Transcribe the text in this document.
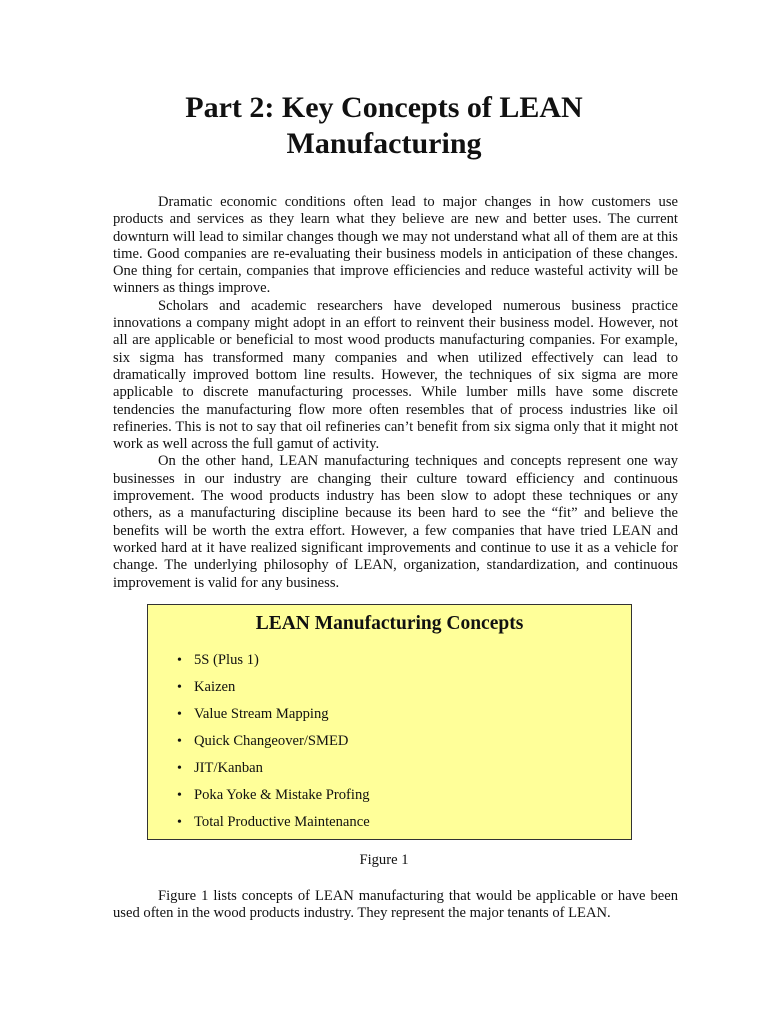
Part 2: Key Concepts of LEAN
Manufacturing

Dramatic economic conditions often lead to major changes in how customers use products and services as they learn what they believe are new and better uses. The current downturn will lead to similar changes though we may not understand what all of them are at this time. Good companies are re-evaluating their business models in anticipation of these changes. One thing for certain, companies that improve efficiencies and reduce wasteful activity will be winners as things improve.

Scholars and academic researchers have developed numerous business practice innovations a company might adopt in an effort to reinvent their business model. However, not all are applicable or beneficial to most wood products manufacturing companies. For example, six sigma has transformed many companies and when utilized effectively can lead to dramatically improved bottom line results. However, the techniques of six sigma are more applicable to discrete manufacturing processes. While lumber mills have some discrete tendencies the manufacturing flow more often resembles that of process industries like oil refineries. This is not to say that oil refineries can’t benefit from six sigma only that it might not work as well across the full gamut of activity.

On the other hand, LEAN manufacturing techniques and concepts represent one way businesses in our industry are changing their culture toward efficiency and continuous improvement. The wood products industry has been slow to adopt these techniques or any others, as a manufacturing discipline because its been hard to see the “fit” and believe the benefits will be worth the extra effort. However, a few companies that have tried LEAN and worked hard at it have realized significant improvements and continue to use it as a vehicle for change. The underlying philosophy of LEAN, organization, standardization, and continuous improvement is valid for any business.

LEAN Manufacturing Concepts
• 5S (Plus 1)
• Kaizen
• Value Stream Mapping
• Quick Changeover/SMED
• JIT/Kanban
• Poka Yoke & Mistake Profing
• Total Productive Maintenance

Figure 1

Figure 1 lists concepts of LEAN manufacturing that would be applicable or have been used often in the wood products industry. They represent the major tenants of LEAN.
